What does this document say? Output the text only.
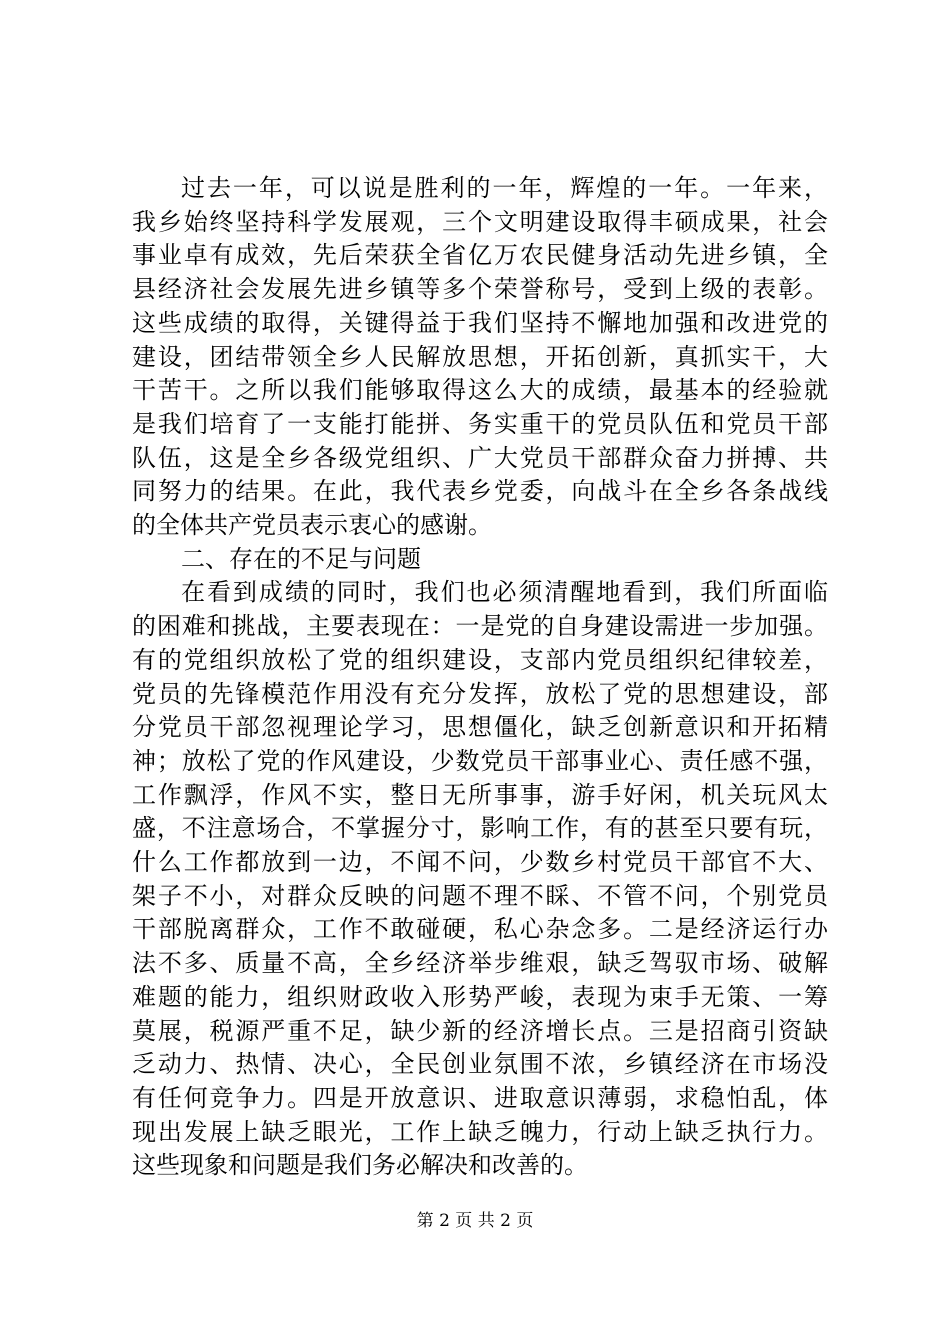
过去一年，可以说是胜利的一年，辉煌的一年。一年来，
我乡始终坚持科学发展观，三个文明建设取得丰硕成果，社会
事业卓有成效，先后荣获全省亿万农民健身活动先进乡镇，全
县经济社会发展先进乡镇等多个荣誉称号，受到上级的表彰。
这些成绩的取得，关键得益于我们坚持不懈地加强和改进党的
建设，团结带领全乡人民解放思想，开拓创新，真抓实干，大
干苦干。之所以我们能够取得这么大的成绩，最基本的经验就
是我们培育了一支能打能拼、务实重干的党员队伍和党员干部
队伍，这是全乡各级党组织、广大党员干部群众奋力拼搏、共
同努力的结果。在此，我代表乡党委，向战斗在全乡各条战线
的全体共产党员表示衷心的感谢。
二、存在的不足与问题
在看到成绩的同时，我们也必须清醒地看到，我们所面临
的困难和挑战，主要表现在：一是党的自身建设需进一步加强。
有的党组织放松了党的组织建设，支部内党员组织纪律较差，
党员的先锋模范作用没有充分发挥，放松了党的思想建设，部
分党员干部忽视理论学习，思想僵化，缺乏创新意识和开拓精
神；放松了党的作风建设，少数党员干部事业心、责任感不强，
工作飘浮，作风不实，整日无所事事，游手好闲，机关玩风太
盛，不注意场合，不掌握分寸，影响工作，有的甚至只要有玩，
什么工作都放到一边，不闻不问，少数乡村党员干部官不大、
架子不小，对群众反映的问题不理不睬、不管不问，个别党员
干部脱离群众，工作不敢碰硬，私心杂念多。二是经济运行办
法不多、质量不高，全乡经济举步维艰，缺乏驾驭市场、破解
难题的能力，组织财政收入形势严峻，表现为束手无策、一筹
莫展，税源严重不足，缺少新的经济增长点。三是招商引资缺
乏动力、热情、决心，全民创业氛围不浓，乡镇经济在市场没
有任何竞争力。四是开放意识、进取意识薄弱，求稳怕乱，体
现出发展上缺乏眼光，工作上缺乏魄力，行动上缺乏执行力。
这些现象和问题是我们务必解决和改善的。
第 2 页 共 2 页
